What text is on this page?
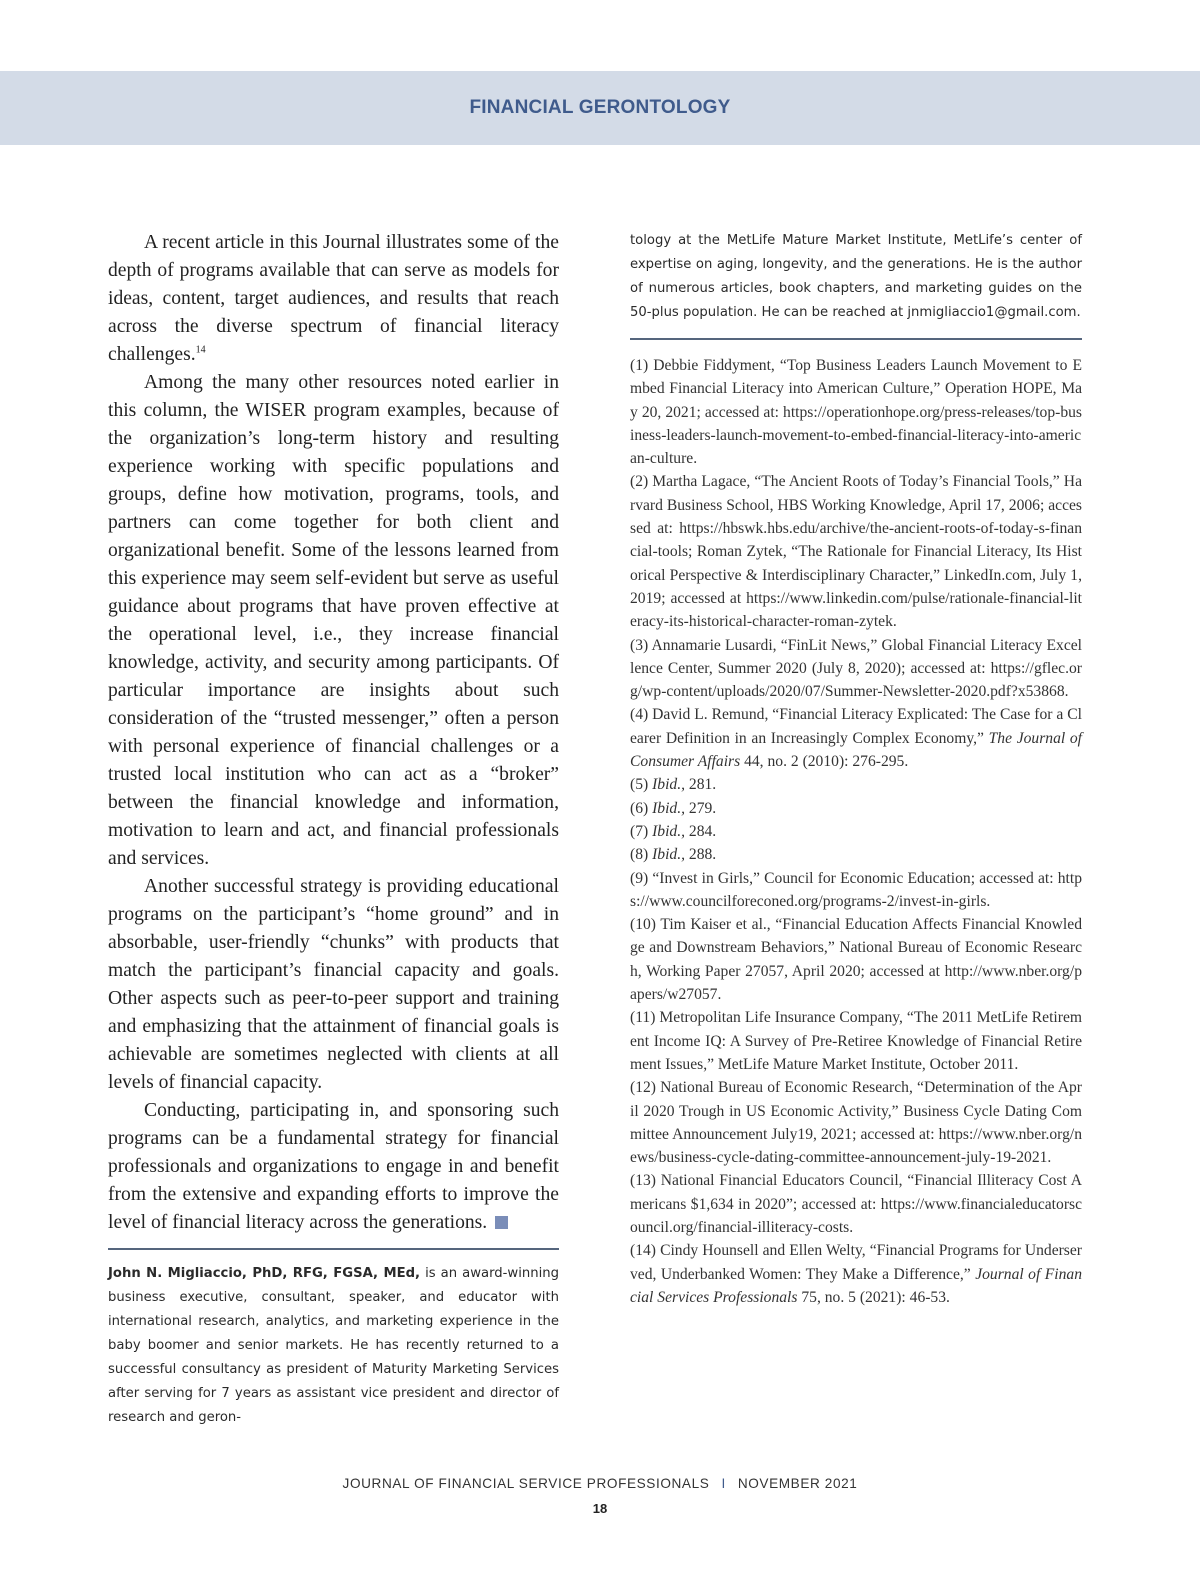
FINANCIAL GERONTOLOGY

A recent article in this Journal illustrates some of the depth of programs available that can serve as models for ideas, content, target audiences, and results that reach across the diverse spectrum of financial literacy challenges.$^{14}$

Among the many other resources noted earlier in this column, the WISER program examples, because of the organization’s long-term history and resulting experience working with specific populations and groups, define how motivation, programs, tools, and partners can come together for both client and organizational benefit. Some of the lessons learned from this experience may seem self-evident but serve as useful guidance about programs that have proven effective at the operational level, i.e., they increase financial knowledge, activity, and security among participants. Of particular importance are insights about such consideration of the “trusted messenger,” often a person with personal experience of financial challenges or a trusted local institution who can act as a “broker” between the financial knowledge and information, motivation to learn and act, and financial professionals and services.

Another successful strategy is providing educational programs on the participant’s “home ground” and in absorbable, user-friendly “chunks” with products that match the participant’s financial capacity and goals. Other aspects such as peer-to-peer support and training and emphasizing that the attainment of financial goals is achievable are sometimes neglected with clients at all levels of financial capacity.

Conducting, participating in, and sponsoring such programs can be a fundamental strategy for financial professionals and organizations to engage in and benefit from the extensive and expanding efforts to improve the level of financial literacy across the generations.

John N. Migliaccio, PhD, RFG, FGSA, MEd, is an award-winning business executive, consultant, speaker, and educator with international research, analytics, and marketing experience in the baby boomer and senior markets. He has recently returned to a successful consultancy as president of Maturity Marketing Services after serving for 7 years as assistant vice president and director of research and geron-

tology at the MetLife Mature Market Institute, MetLife’s center of expertise on aging, longevity, and the generations. He is the author of numerous articles, book chapters, and marketing guides on the 50-plus population. He can be reached at jnmigliaccio1@gmail.com.

(1) Debbie Fiddyment, “Top Business Leaders Launch Movement to Embed Financial Literacy into American Culture,” Operation HOPE, May 20, 2021; accessed at: https://operationhope.org/press-releases/top-business-leaders-launch-movement-to-embed-financial-literacy-into-american-culture.
(2) Martha Lagace, “The Ancient Roots of Today’s Financial Tools,” Harvard Business School, HBS Working Knowledge, April 17, 2006; accessed at: https://hbswk.hbs.edu/archive/the-ancient-roots-of-today-s-financial-tools; Roman Zytek, “The Rationale for Financial Literacy, Its Historical Perspective & Interdisciplinary Character,” LinkedIn.com, July 1, 2019; accessed at https://www.linkedin.com/pulse/rationale-financial-literacy-its-historical-character-roman-zytek.
(3) Annamarie Lusardi, “FinLit News,” Global Financial Literacy Excellence Center, Summer 2020 (July 8, 2020); accessed at: https://gflec.org/wp-content/uploads/2020/07/Summer-Newsletter-2020.pdf?x53868.
(4) David L. Remund, “Financial Literacy Explicated: The Case for a Clearer Definition in an Increasingly Complex Economy,” The Journal of Consumer Affairs 44, no. 2 (2010): 276-295.
(5) Ibid., 281.
(6) Ibid., 279.
(7) Ibid., 284.
(8) Ibid., 288.
(9) “Invest in Girls,” Council for Economic Education; accessed at: https://www.councilforeconed.org/programs-2/invest-in-girls.
(10) Tim Kaiser et al., “Financial Education Affects Financial Knowledge and Downstream Behaviors,” National Bureau of Economic Research, Working Paper 27057, April 2020; accessed at http://www.nber.org/papers/w27057.
(11) Metropolitan Life Insurance Company, “The 2011 MetLife Retirement Income IQ: A Survey of Pre-Retiree Knowledge of Financial Retirement Issues,” MetLife Mature Market Institute, October 2011.
(12) National Bureau of Economic Research, “Determination of the April 2020 Trough in US Economic Activity,” Business Cycle Dating Committee Announcement July19, 2021; accessed at: https://www.nber.org/news/business-cycle-dating-committee-announcement-july-19-2021.
(13) National Financial Educators Council, “Financial Illiteracy Cost Americans $1,634 in 2020”; accessed at: https://www.financialeducatorscouncil.org/financial-illiteracy-costs.
(14) Cindy Hounsell and Ellen Welty, “Financial Programs for Underserved, Underbanked Women: They Make a Difference,” Journal of Financial Services Professionals 75, no. 5 (2021): 46-53.
JOURNAL OF FINANCIAL SERVICE PROFESSIONALS I NOVEMBER 2021
18
